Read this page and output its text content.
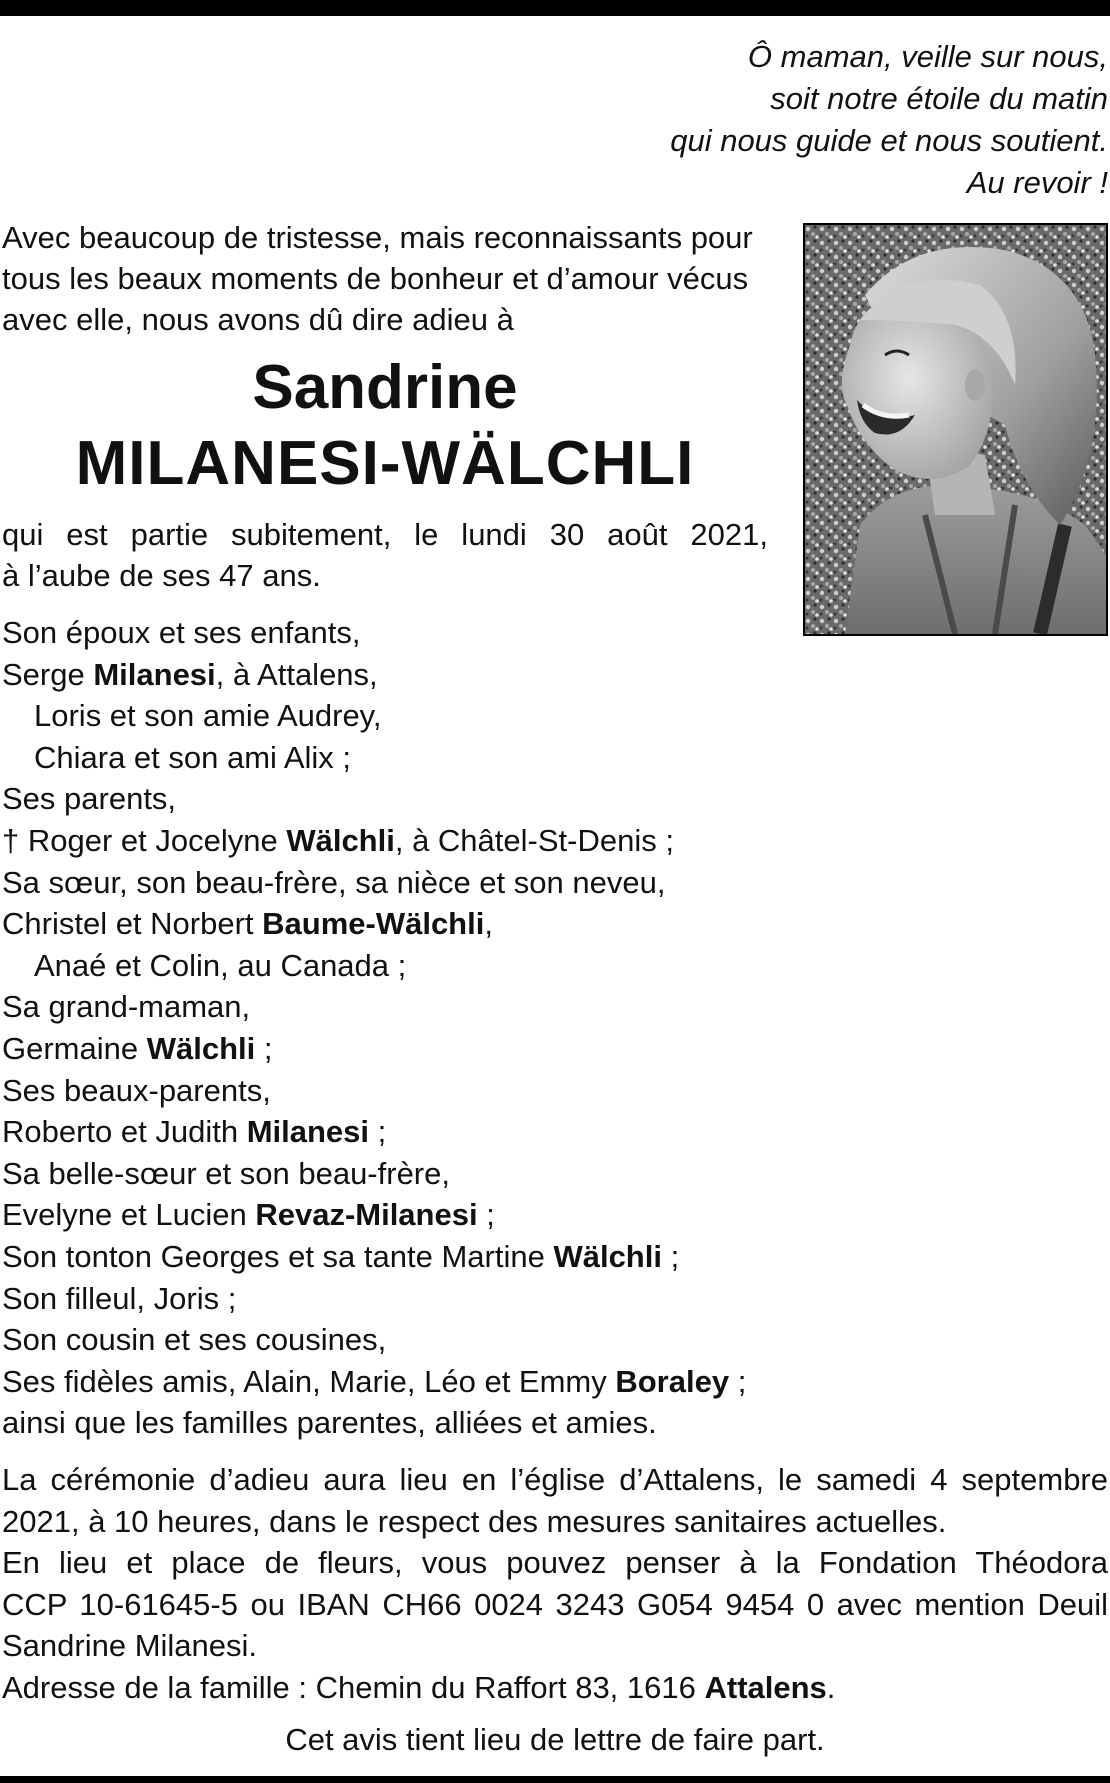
Ô maman, veille sur nous,
soit notre étoile du matin
qui nous guide et nous soutient.
Au revoir !
Avec beaucoup de tristesse, mais reconnaissants pour
tous les beaux moments de bonheur et d’amour vécus
avec elle, nous avons dû dire adieu à
Sandrine
MILANESI-WÄLCHLI
qui est partie subitement, le lundi 30 août 2021,
à l’aube de ses 47 ans.
Son époux et ses enfants,
Serge Milanesi, à Attalens,
Loris et son amie Audrey,
Chiara et son ami Alix ;
Ses parents,
† Roger et Jocelyne Wälchli, à Châtel-St-Denis ;
Sa sœur, son beau-frère, sa nièce et son neveu,
Christel et Norbert Baume-Wälchli,
Anaé et Colin, au Canada ;
Sa grand-maman,
Germaine Wälchli ;
Ses beaux-parents,
Roberto et Judith Milanesi ;
Sa belle-sœur et son beau-frère,
Evelyne et Lucien Revaz-Milanesi ;
Son tonton Georges et sa tante Martine Wälchli ;
Son filleul, Joris ;
Son cousin et ses cousines,
Ses fidèles amis, Alain, Marie, Léo et Emmy Boraley ;
ainsi que les familles parentes, alliées et amies.
La cérémonie d’adieu aura lieu en l’église d’Attalens, le samedi 4 septembre
2021, à 10 heures, dans le respect des mesures sanitaires actuelles.
En lieu et place de fleurs, vous pouvez penser à la Fondation Théodora
CCP 10-61645-5 ou IBAN CH66 0024 3243 G054 9454 0 avec mention Deuil
Sandrine Milanesi.
Adresse de la famille : Chemin du Raffort 83, 1616 Attalens.
Cet avis tient lieu de lettre de faire part.
